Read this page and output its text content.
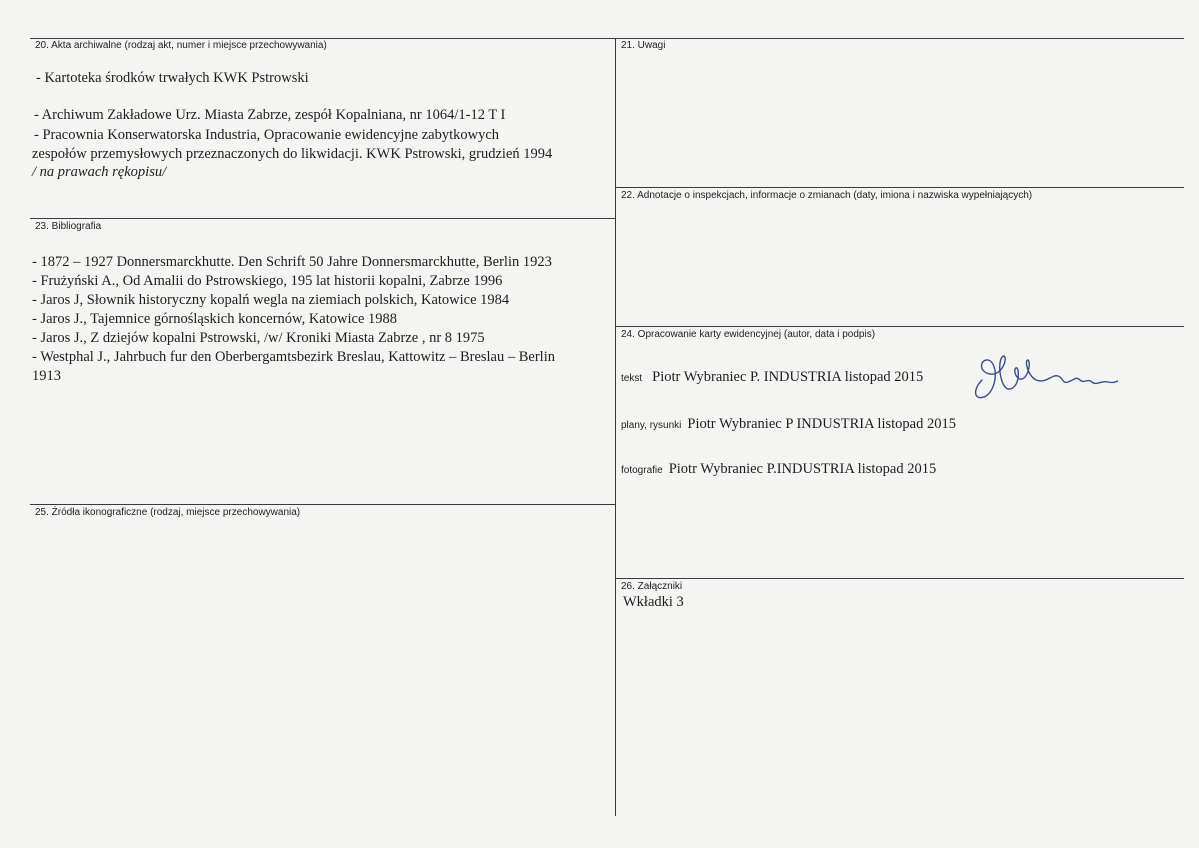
20. Akta archiwalne (rodzaj akt, numer i miejsce przechowywania)
- Kartoteka środków trwałych KWK Pstrowski
- Archiwum Zakładowe Urz. Miasta Zabrze, zespół Kopalniana, nr 1064/1-12 T I
- Pracownia Konserwatorska Industria, Opracowanie ewidencyjne zabytkowych
zespołów przemysłowych przeznaczonych do likwidacji. KWK Pstrowski, grudzień 1994
/ na prawach rękopisu/
21. Uwagi
22. Adnotacje o inspekcjach, informacje o zmianach (daty, imiona i nazwiska wypełniających)
23. Bibliografia
- 1872 – 1927 Donnersmarckhutte. Den Schrift 50 Jahre Donnersmarckhutte, Berlin 1923
- Frużyński A., Od Amalii do Pstrowskiego, 195 lat historii kopalni, Zabrze 1996
- Jaros J, Słownik historyczny kopalń wegla na ziemiach polskich, Katowice 1984
- Jaros J., Tajemnice górnośląskich koncernów, Katowice 1988
- Jaros J., Z dziejów kopalni Pstrowski, /w/ Kroniki Miasta Zabrze , nr 8 1975
- Westphal J., Jahrbuch fur den Oberbergamtsbezirk Breslau, Kattowitz – Breslau – Berlin
1913
24. Opracowanie karty ewidencyjnej (autor, data i podpis)
tekst Piotr Wybraniec P. INDUSTRIA listopad 2015
plany, rysunki Piotr Wybraniec P INDUSTRIA listopad 2015
fotografie Piotr Wybraniec P.INDUSTRIA listopad 2015
25. Źródła ikonograficzne (rodzaj, miejsce przechowywania)
26. Załączniki
Wkładki 3
